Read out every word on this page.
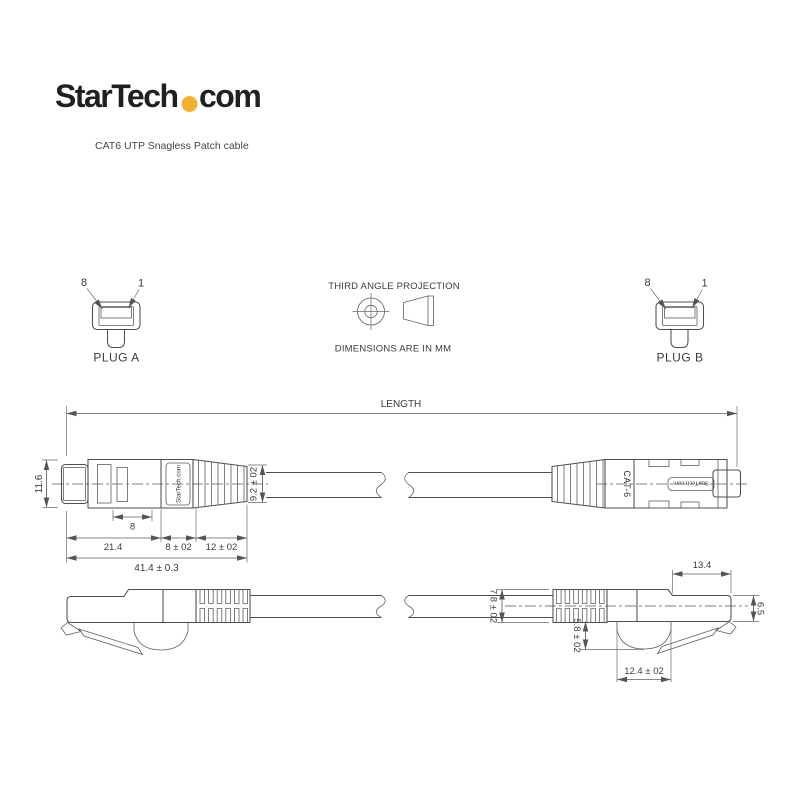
StarTech com
CAT6 UTP Snagless Patch cable
8	1
PLUG A
THIRD ANGLE PROJECTION
DIMENSIONS ARE IN MM
8	1
PLUG B
LENGTH
StarTech.com
11.6	9.2 ± 02
8
21.4	8 ± 02 12 ± 02
41.4 ± 0.3
CAT-6	StarTech.com
13.4
6.5
7.8 ± 02
5.8 ± 02
12.4 ± 02
